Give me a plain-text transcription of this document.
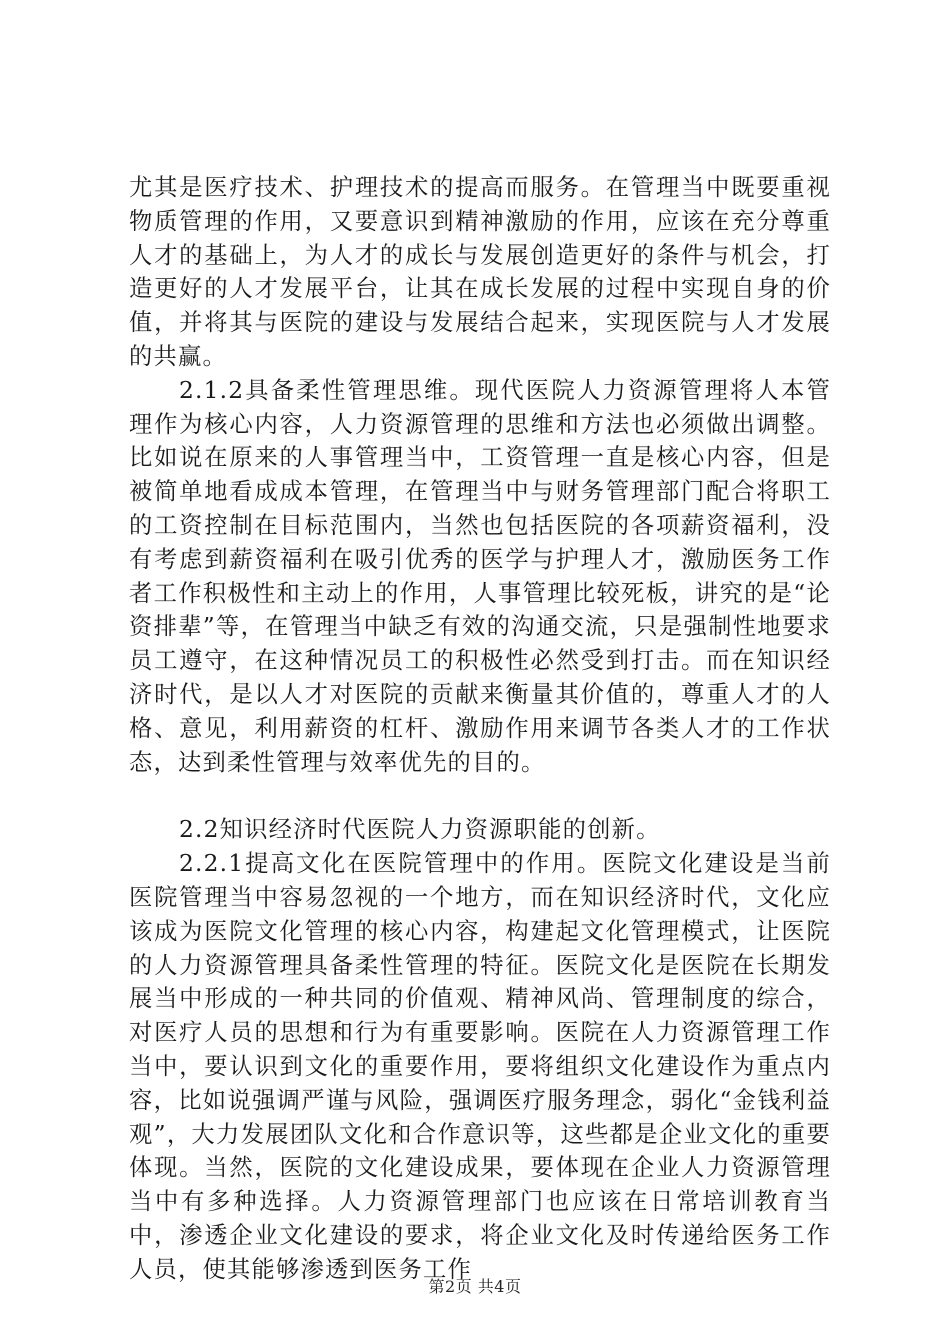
尤其是医疗技术、护理技术的提高而服务。在管理当中既要重视物质管理的作用，又要意识到精神激励的作用，应该在充分尊重人才的基础上，为人才的成长与发展创造更好的条件与机会，打造更好的人才发展平台，让其在成长发展的过程中实现自身的价值，并将其与医院的建设与发展结合起来，实现医院与人才发展的共赢。

2.1.2具备柔性管理思维。现代医院人力资源管理将人本管理作为核心内容，人力资源管理的思维和方法也必须做出调整。比如说在原来的人事管理当中，工资管理一直是核心内容，但是被简单地看成成本管理，在管理当中与财务管理部门配合将职工的工资控制在目标范围内，当然也包括医院的各项薪资福利，没有考虑到薪资福利在吸引优秀的医学与护理人才，激励医务工作者工作积极性和主动上的作用，人事管理比较死板，讲究的是“论资排辈”等，在管理当中缺乏有效的沟通交流，只是强制性地要求员工遵守，在这种情况员工的积极性必然受到打击。而在知识经济时代，是以人才对医院的贡献来衡量其价值的，尊重人才的人格、意见，利用薪资的杠杆、激励作用来调节各类人才的工作状态，达到柔性管理与效率优先的目的。

2.2知识经济时代医院人力资源职能的创新。

2.2.1提高文化在医院管理中的作用。医院文化建设是当前医院管理当中容易忽视的一个地方，而在知识经济时代，文化应该成为医院文化管理的核心内容，构建起文化管理模式，让医院的人力资源管理具备柔性管理的特征。医院文化是医院在长期发展当中形成的一种共同的价值观、精神风尚、管理制度的综合，对医疗人员的思想和行为有重要影响。医院在人力资源管理工作当中，要认识到文化的重要作用，要将组织文化建设作为重点内容，比如说强调严谨与风险，强调医疗服务理念，弱化“金钱利益观”，大力发展团队文化和合作意识等，这些都是企业文化的重要体现。当然，医院的文化建设成果，要体现在企业人力资源管理当中有多种选择。人力资源管理部门也应该在日常培训教育当中，渗透企业文化建设的要求，将企业文化及时传递给医务工作人员，使其能够渗透到医务工作

第2页 共4页
